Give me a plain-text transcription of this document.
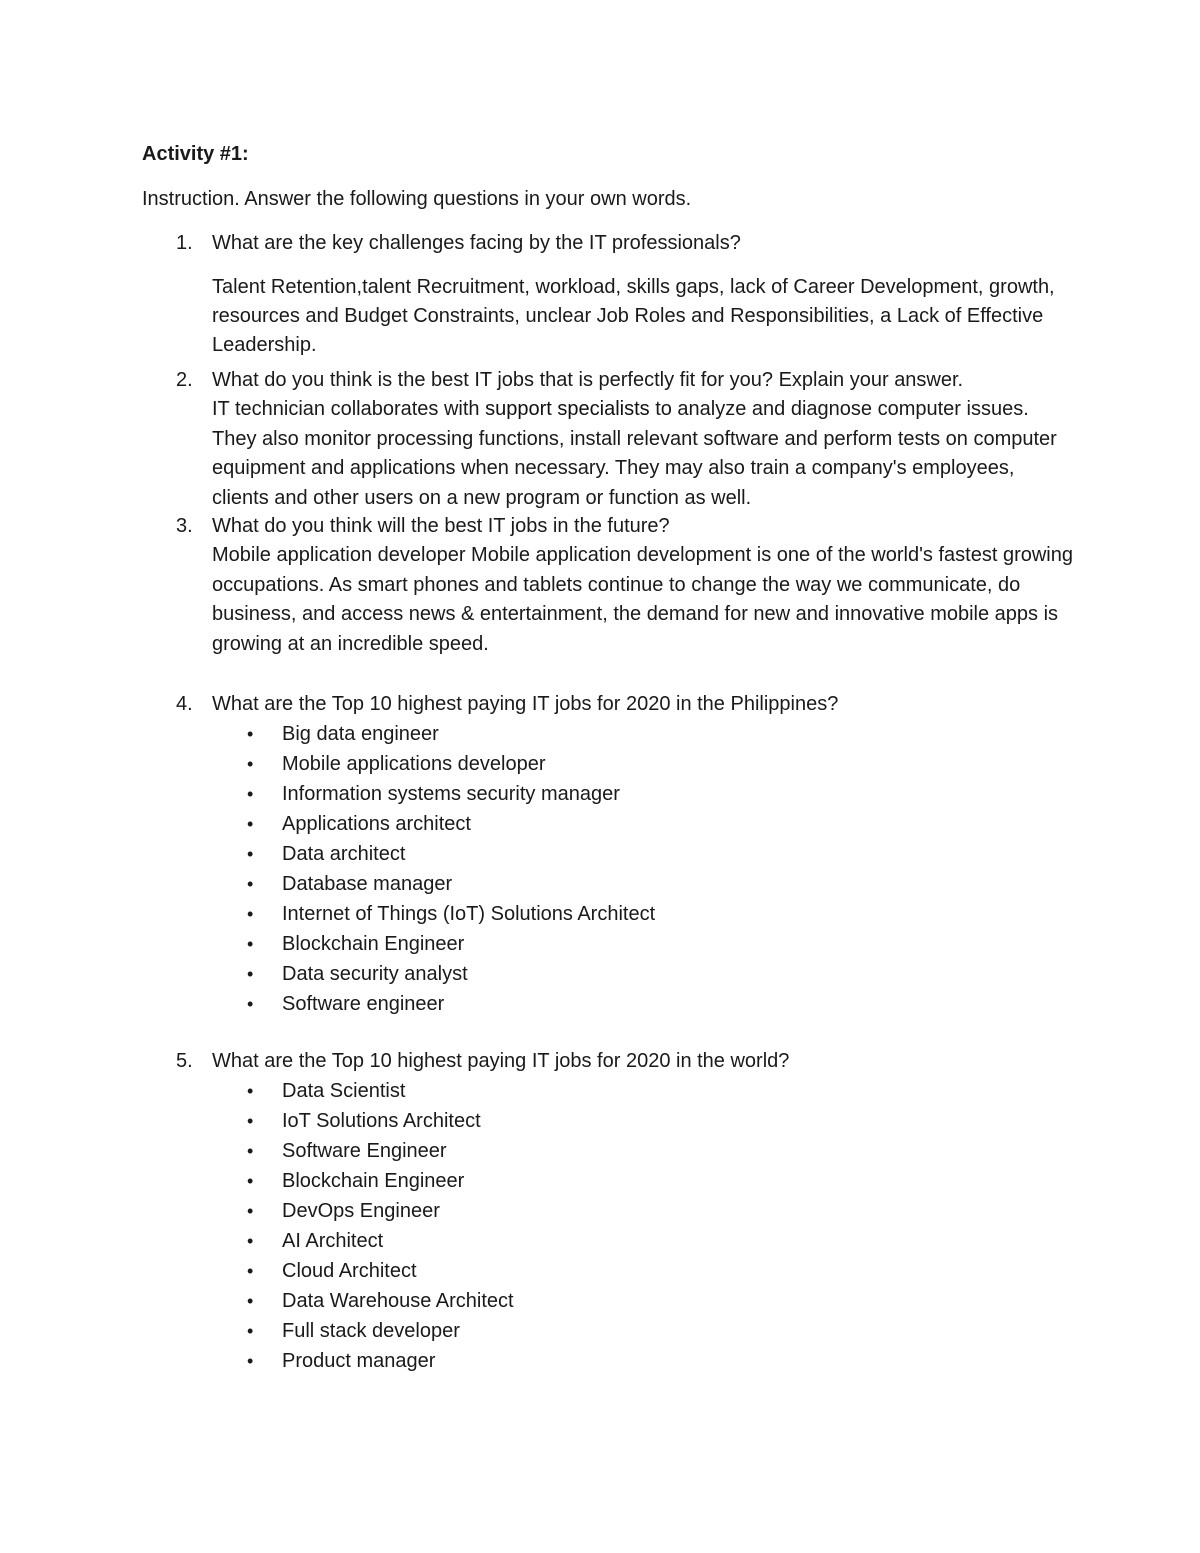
Activity #1:
Instruction. Answer the following questions in your own words.
1. What are the key challenges facing by the IT professionals?
Talent Retention,talent Recruitment, workload, skills gaps, lack of Career Development, growth, resources and Budget Constraints, unclear Job Roles and Responsibilities, a Lack of Effective Leadership.
2. What do you think is the best IT jobs that is perfectly fit for you? Explain your answer.
IT technician collaborates with support specialists to analyze and diagnose computer issues. They also monitor processing functions, install relevant software and perform tests on computer equipment and applications when necessary. They may also train a company's employees, clients and other users on a new program or function as well.
3. What do you think will the best IT jobs in the future?
Mobile application developer Mobile application development is one of the world's fastest growing occupations. As smart phones and tablets continue to change the way we communicate, do business, and access news & entertainment, the demand for new and innovative mobile apps is growing at an incredible speed.
4. What are the Top 10 highest paying IT jobs for 2020 in the Philippines?
• Big data engineer
• Mobile applications developer
• Information systems security manager
• Applications architect
• Data architect
• Database manager
• Internet of Things (IoT) Solutions Architect
• Blockchain Engineer
• Data security analyst
• Software engineer
5. What are the Top 10 highest paying IT jobs for 2020 in the world?
• Data Scientist
• IoT Solutions Architect
• Software Engineer
• Blockchain Engineer
• DevOps Engineer
• AI Architect
• Cloud Architect
• Data Warehouse Architect
• Full stack developer
• Product manager
